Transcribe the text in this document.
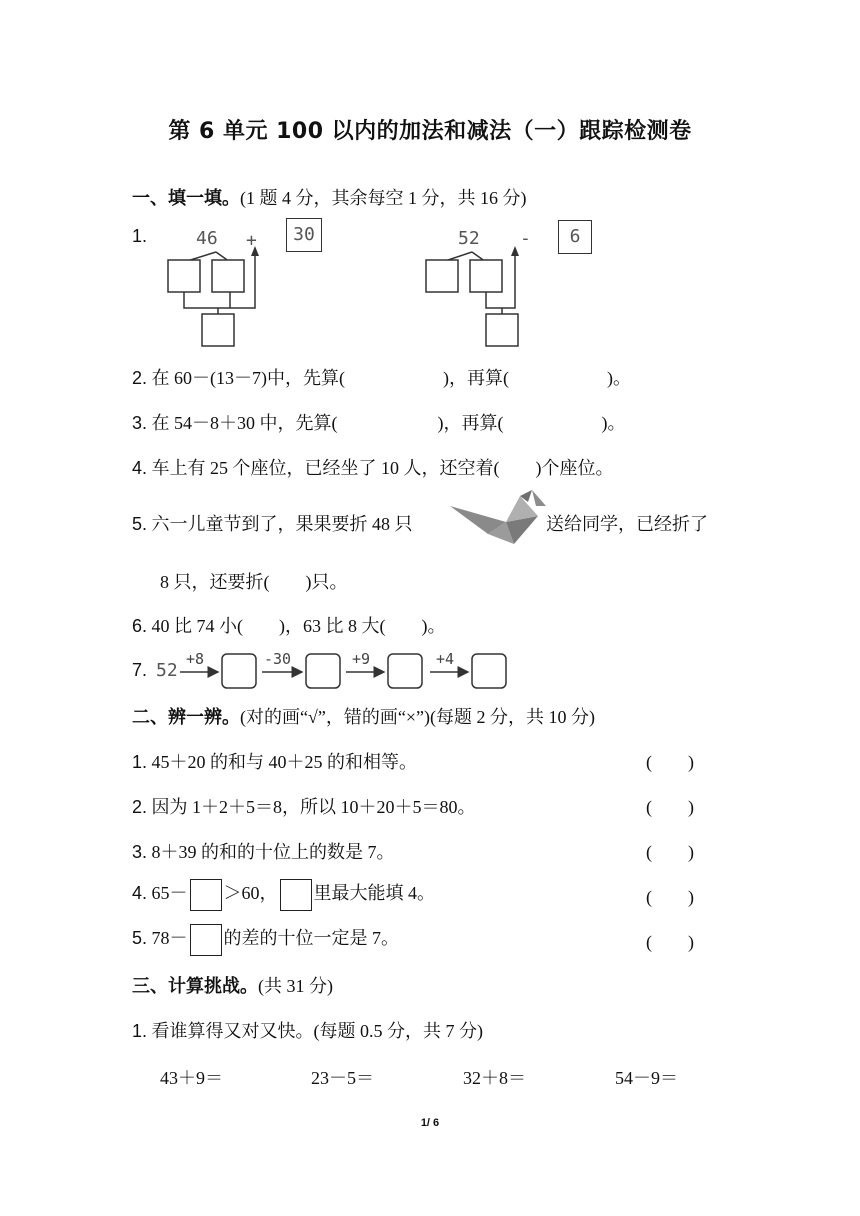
第 6 单元 100 以内的加法和减法（一）跟踪检测卷
一、填一填。(1 题 4 分，其余每空 1 分，共 16 分)
1.	46 +	30	52 -	6
2. 在 60－(13－7)中，先算(	)，再算(	)。
3. 在 54－8＋30 中，先算(	)，再算(	)。
4. 车上有 25 个座位，已经坐了 10 人，还空着(　　)个座位。
5. 六一儿童节到了，果果要折 48 只	送给同学，已经折了
8 只，还要折(　　)只。
6. 40 比 74 小(　　)，63 比 8 大(　　)。
7. 52
+8	-30	+9	+4
二、辨一辨。(对的画“√”，错的画“×”)(每题 2 分，共 10 分)
1. 45＋20 的和与 40＋25 的和相等。	(　　)
2. 因为 1＋2＋5＝8，所以 10＋20＋5＝80。	(　　)
3. 8＋39 的和的十位上的数是 7。	(　　)
4. 65－ ＞60， 里最大能填 4。	(　　)
5. 78－ 的差的十位一定是 7。	(　　)
三、计算挑战。(共 31 分)
1. 看谁算得又对又快。(每题 0.5 分，共 7 分)
43＋9＝	23－5＝	32＋8＝	54－9＝
1/ 6
